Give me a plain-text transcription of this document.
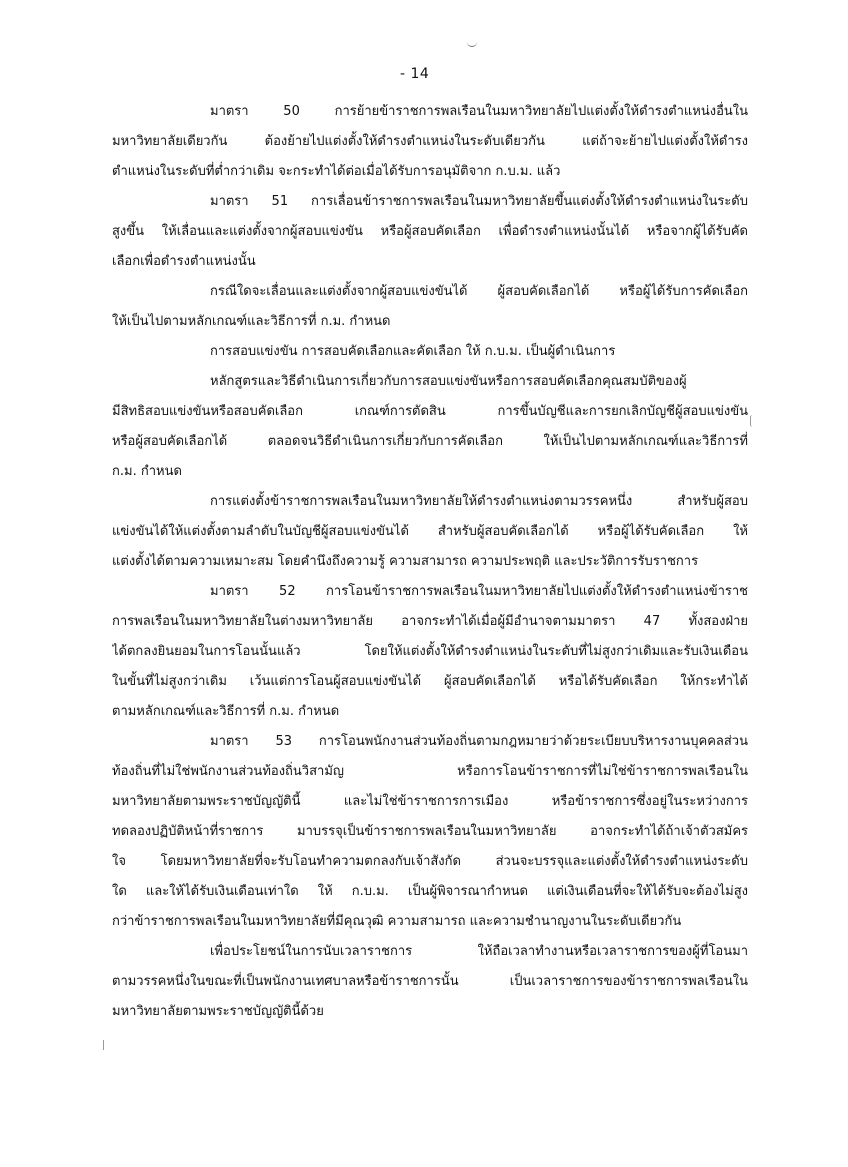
- 14
มาตรา 50 การย้ายข้าราชการพลเรือนในมหาวิทยาลัยไปแต่งตั้งให้ดำรงตำแหน่งอื่นใน
มหาวิทยาลัยเดียวกัน ต้องย้ายไปแต่งตั้งให้ดำรงตำแหน่งในระดับเดียวกัน แต่ถ้าจะย้ายไปแต่งตั้งให้ดำรง
ตำแหน่งในระดับที่ต่ำกว่าเดิม จะกระทำได้ต่อเมื่อได้รับการอนุมัติจาก ก.บ.ม. แล้ว
มาตรา 51 การเลื่อนข้าราชการพลเรือนในมหาวิทยาลัยขึ้นแต่งตั้งให้ดำรงตำแหน่งในระดับ
สูงขึ้น ให้เลื่อนและแต่งตั้งจากผู้สอบแข่งขัน หรือผู้สอบคัดเลือก เพื่อดำรงตำแหน่งนั้นได้ หรือจากผู้ได้รับคัด
เลือกเพื่อดำรงตำแหน่งนั้น
กรณีใดจะเลื่อนและแต่งตั้งจากผู้สอบแข่งขันได้ ผู้สอบคัดเลือกได้ หรือผู้ได้รับการคัดเลือก
ให้เป็นไปตามหลักเกณฑ์และวิธีการที่ ก.ม. กำหนด
การสอบแข่งขัน การสอบคัดเลือกและคัดเลือก ให้ ก.บ.ม. เป็นผู้ดำเนินการ
หลักสูตรและวิธีดำเนินการเกี่ยวกับการสอบแข่งขันหรือการสอบคัดเลือกคุณสมบัติของผู้
มีสิทธิสอบแข่งขันหรือสอบคัดเลือก เกณฑ์การตัดสิน การขึ้นบัญชีและการยกเลิกบัญชีผู้สอบแข่งขัน
หรือผู้สอบคัดเลือกได้ ตลอดจนวิธีดำเนินการเกี่ยวกับการคัดเลือก ให้เป็นไปตามหลักเกณฑ์และวิธีการที่
ก.ม. กำหนด
การแต่งตั้งข้าราชการพลเรือนในมหาวิทยาลัยให้ดำรงตำแหน่งตามวรรคหนึ่ง สำหรับผู้สอบ
แข่งขันได้ให้แต่งตั้งตามลำดับในบัญชีผู้สอบแข่งขันได้ สำหรับผู้สอบคัดเลือกได้ หรือผู้ได้รับคัดเลือก ให้
แต่งตั้งได้ตามความเหมาะสม โดยคำนึงถึงความรู้ ความสามารถ ความประพฤติ และประวัติการรับราชการ
มาตรา 52 การโอนข้าราชการพลเรือนในมหาวิทยาลัยไปแต่งตั้งให้ดำรงตำแหน่งข้าราช
การพลเรือนในมหาวิทยาลัยในต่างมหาวิทยาลัย อาจกระทำได้เมื่อผู้มีอำนาจตามมาตรา 47 ทั้งสองฝ่าย
ได้ตกลงยินยอมในการโอนนั้นแล้ว โดยให้แต่งตั้งให้ดำรงตำแหน่งในระดับที่ไม่สูงกว่าเดิมและรับเงินเดือน
ในขั้นที่ไม่สูงกว่าเดิม เว้นแต่การโอนผู้สอบแข่งขันได้ ผู้สอบคัดเลือกได้ หรือได้รับคัดเลือก ให้กระทำได้
ตามหลักเกณฑ์และวิธีการที่ ก.ม. กำหนด
มาตรา 53 การโอนพนักงานส่วนท้องถิ่นตามกฎหมายว่าด้วยระเบียบบริหารงานบุคคลส่วน
ท้องถิ่นที่ไม่ใช่พนักงานส่วนท้องถิ่นวิสามัญ หรือการโอนข้าราชการที่ไม่ใช่ข้าราชการพลเรือนใน
มหาวิทยาลัยตามพระราชบัญญัตินี้ และไม่ใช่ข้าราชการการเมือง หรือข้าราชการซึ่งอยู่ในระหว่างการ
ทดลองปฏิบัติหน้าที่ราชการ มาบรรจุเป็นข้าราชการพลเรือนในมหาวิทยาลัย อาจกระทำได้ถ้าเจ้าตัวสมัคร
ใจ โดยมหาวิทยาลัยที่จะรับโอนทำความตกลงกับเจ้าสังกัด ส่วนจะบรรจุและแต่งตั้งให้ดำรงตำแหน่งระดับ
ใด และให้ได้รับเงินเดือนเท่าใด ให้ ก.บ.ม. เป็นผู้พิจารณากำหนด แต่เงินเดือนที่จะให้ได้รับจะต้องไม่สูง
กว่าข้าราชการพลเรือนในมหาวิทยาลัยที่มีคุณวุฒิ ความสามารถ และความชำนาญงานในระดับเดียวกัน
เพื่อประโยชน์ในการนับเวลาราชการ ให้ถือเวลาทำงานหรือเวลาราชการของผู้ที่โอนมา
ตามวรรคหนึ่งในขณะที่เป็นพนักงานเทศบาลหรือข้าราชการนั้น เป็นเวลาราชการของข้าราชการพลเรือนใน
มหาวิทยาลัยตามพระราชบัญญัตินี้ด้วย
